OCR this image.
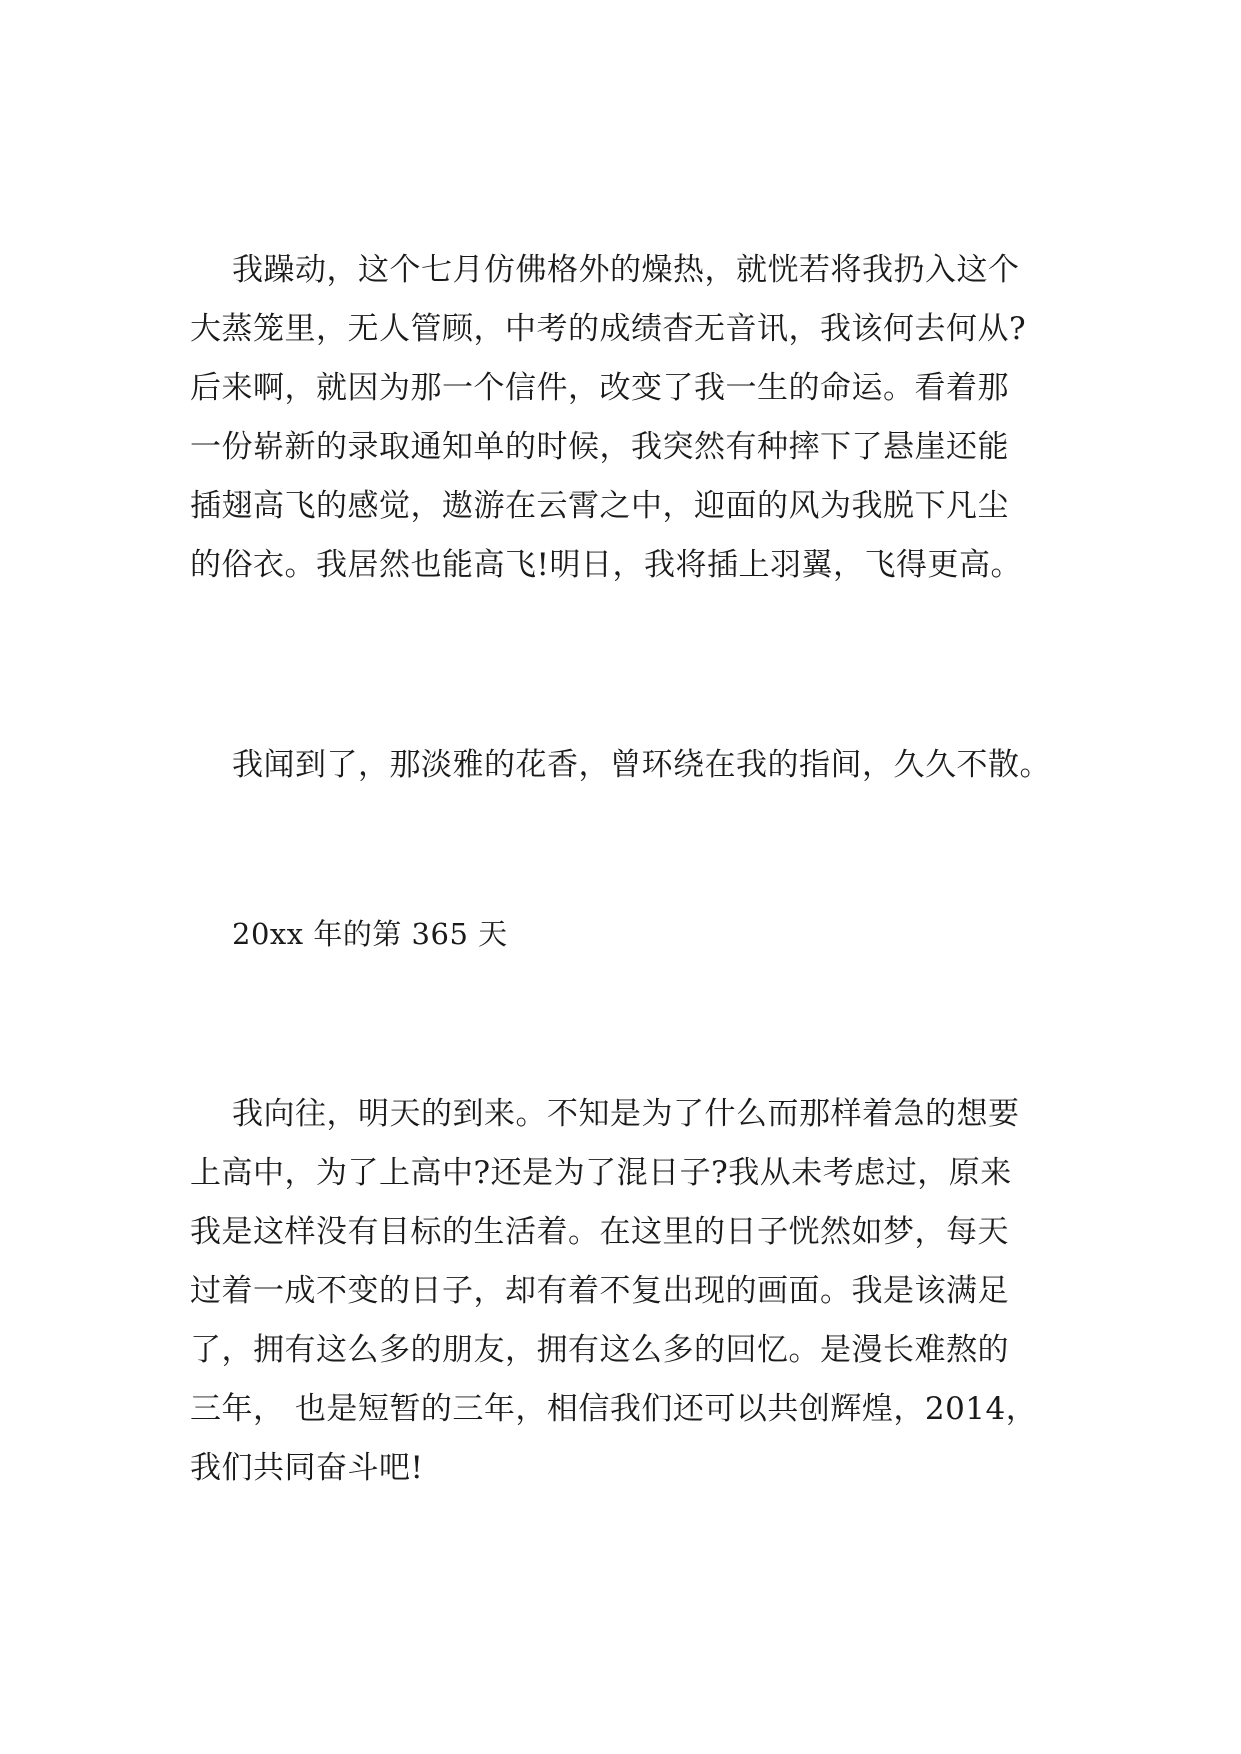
我躁动，这个七月仿佛格外的燥热，就恍若将我扔入这个
大蒸笼里，无人管顾，中考的成绩杳无音讯，我该何去何从?
后来啊，就因为那一个信件，改变了我一生的命运。看着那
一份崭新的录取通知单的时候，我突然有种摔下了悬崖还能
插翅高飞的感觉，遨游在云霄之中，迎面的风为我脱下凡尘
的俗衣。我居然也能高飞!明日，我将插上羽翼，飞得更高。
我闻到了，那淡雅的花香，曾环绕在我的指间，久久不散。
20xx 年的第 365 天
我向往，明天的到来。不知是为了什么而那样着急的想要
上高中，为了上高中?还是为了混日子?我从未考虑过，原来
我是这样没有目标的生活着。在这里的日子恍然如梦，每天
过着一成不变的日子，却有着不复出现的画面。我是该满足
了，拥有这么多的朋友，拥有这么多的回忆。是漫长难熬的
三年， 也是短暂的三年，相信我们还可以共创辉煌，2014，
我们共同奋斗吧!
